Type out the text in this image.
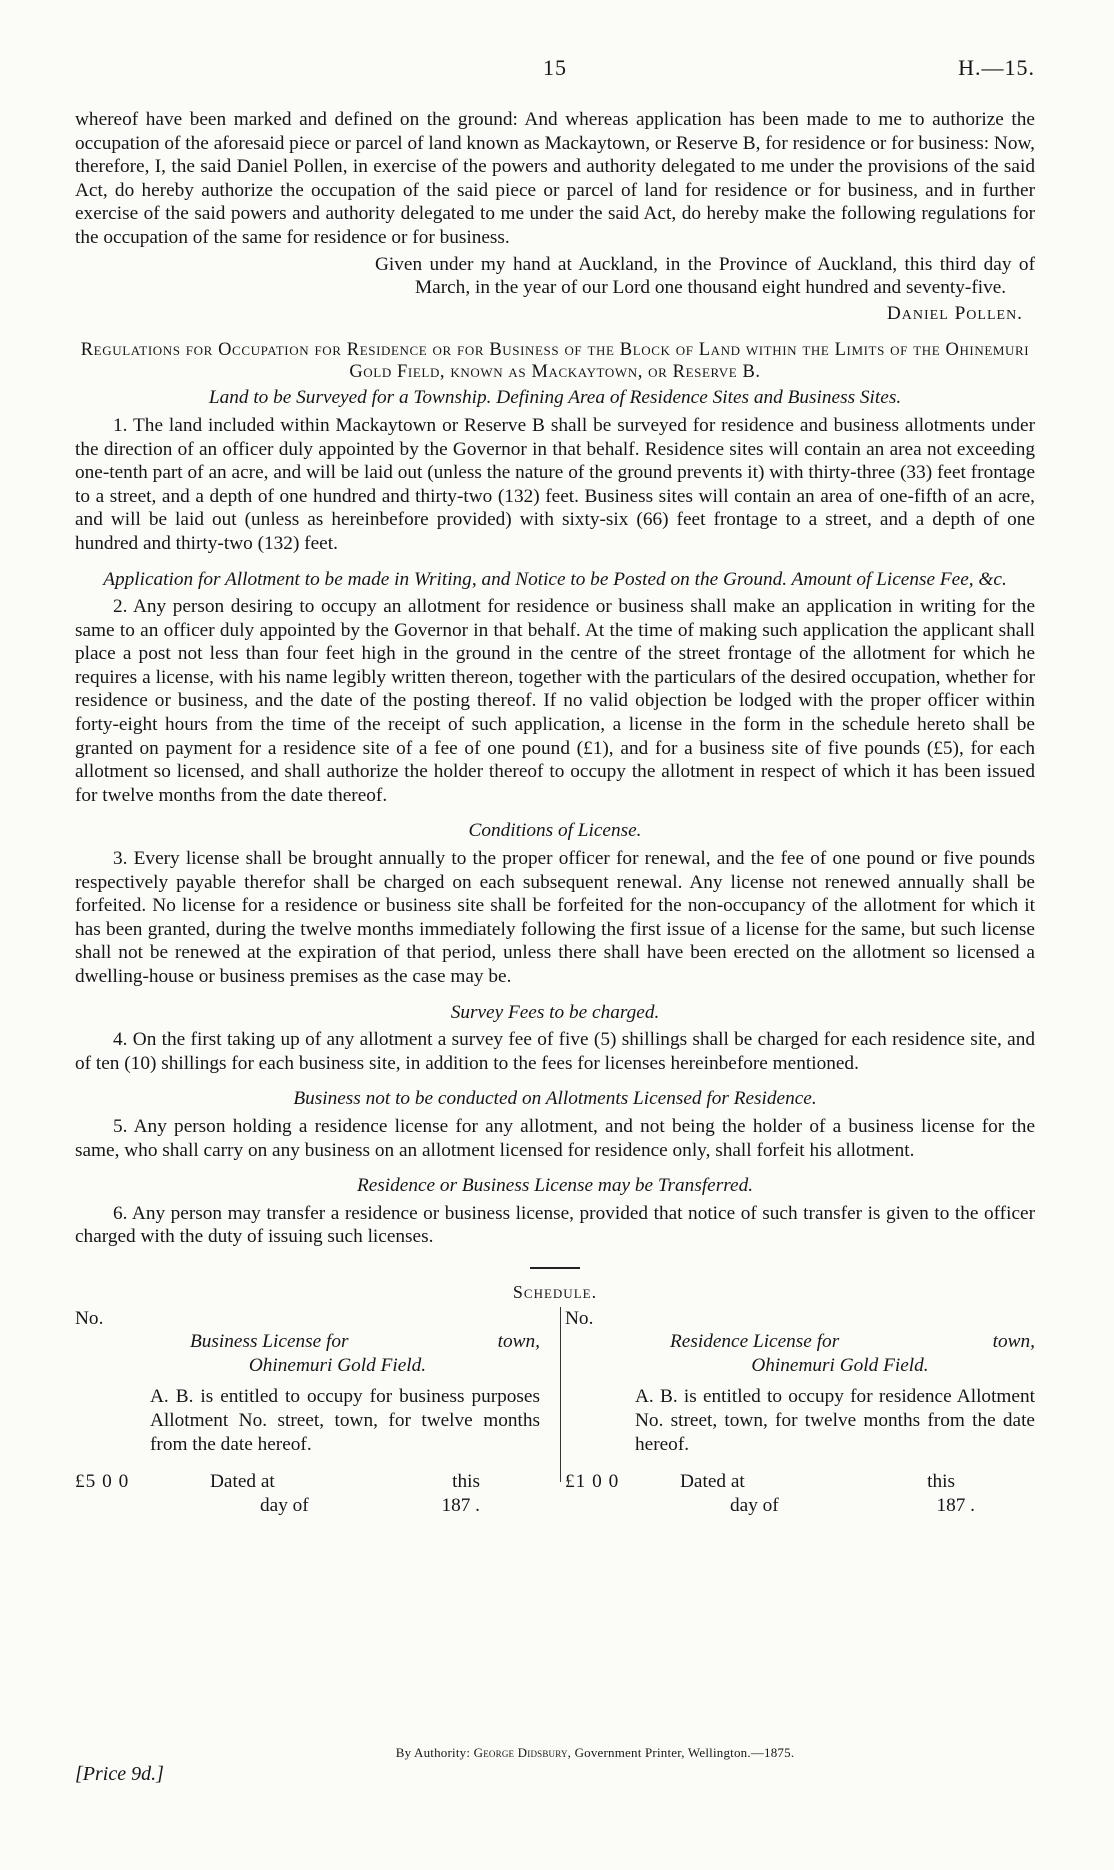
15	H.—15.

whereof have been marked and defined on the ground: And whereas application has been made to me to authorize the occupation of the aforesaid piece or parcel of land known as Mackaytown, or Reserve B, for residence or for business: Now, therefore, I, the said Daniel Pollen, in exercise of the powers and authority delegated to me under the provisions of the said Act, do hereby authorize the occupation of the said piece or parcel of land for residence or for business, and in further exercise of the said powers and authority delegated to me under the said Act, do hereby make the following regulations for the occupation of the same for residence or for business.

Given under my hand at Auckland, in the Province of Auckland, this third day of March, in the year of our Lord one thousand eight hundred and seventy-five.

Daniel Pollen.

Regulations for Occupation for Residence or for Business of the Block of Land within the Limits of the Ohinemuri Gold Field, known as Mackaytown, or Reserve B.

Land to be Surveyed for a Township. Defining Area of Residence Sites and Business Sites.

1. The land included within Mackaytown or Reserve B shall be surveyed for residence and business allotments under the direction of an officer duly appointed by the Governor in that behalf. Residence sites will contain an area not exceeding one-tenth part of an acre, and will be laid out (unless the nature of the ground prevents it) with thirty-three (33) feet frontage to a street, and a depth of one hundred and thirty-two (132) feet. Business sites will contain an area of one-fifth of an acre, and will be laid out (unless as hereinbefore provided) with sixty-six (66) feet frontage to a street, and a depth of one hundred and thirty-two (132) feet.

Application for Allotment to be made in Writing, and Notice to be Posted on the Ground. Amount of License Fee, &c.

2. Any person desiring to occupy an allotment for residence or business shall make an application in writing for the same to an officer duly appointed by the Governor in that behalf. At the time of making such application the applicant shall place a post not less than four feet high in the ground in the centre of the street frontage of the allotment for which he requires a license, with his name legibly written thereon, together with the particulars of the desired occupation, whether for residence or business, and the date of the posting thereof. If no valid objection be lodged with the proper officer within forty-eight hours from the time of the receipt of such application, a license in the form in the schedule hereto shall be granted on payment for a residence site of a fee of one pound (£1), and for a business site of five pounds (£5), for each allotment so licensed, and shall authorize the holder thereof to occupy the allotment in respect of which it has been issued for twelve months from the date thereof.

Conditions of License.

3. Every license shall be brought annually to the proper officer for renewal, and the fee of one pound or five pounds respectively payable therefor shall be charged on each subsequent renewal. Any license not renewed annually shall be forfeited. No license for a residence or business site shall be forfeited for the non-occupancy of the allotment for which it has been granted, during the twelve months immediately following the first issue of a license for the same, but such license shall not be renewed at the expiration of that period, unless there shall have been erected on the allotment so licensed a dwelling-house or business premises as the case may be.

Survey Fees to be charged.

4. On the first taking up of any allotment a survey fee of five (5) shillings shall be charged for each residence site, and of ten (10) shillings for each business site, in addition to the fees for licenses hereinbefore mentioned.

Business not to be conducted on Allotments Licensed for Residence.

5. Any person holding a residence license for any allotment, and not being the holder of a business license for the same, who shall carry on any business on an allotment licensed for residence only, shall forfeit his allotment.

Residence or Business License may be Transferred.

6. Any person may transfer a residence or business license, provided that notice of such transfer is given to the officer charged with the duty of issuing such licenses.

Schedule.
No.
Business License for	town,
Ohinemuri Gold Field.

A. B. is entitled to occupy for business purposes Allotment No. street, town, for twelve months from the date hereof.

£5 0 0	Dated at	this
day of	187 .
No.
Residence License for	town,
Ohinemuri Gold Field.

A. B. is entitled to occupy for residence Allotment No. street, town, for twelve months from the date hereof.

£1 0 0	Dated at	this
day of	187 .
By Authority: George Didsbury, Government Printer, Wellington.—1875.
[Price 9d.]
